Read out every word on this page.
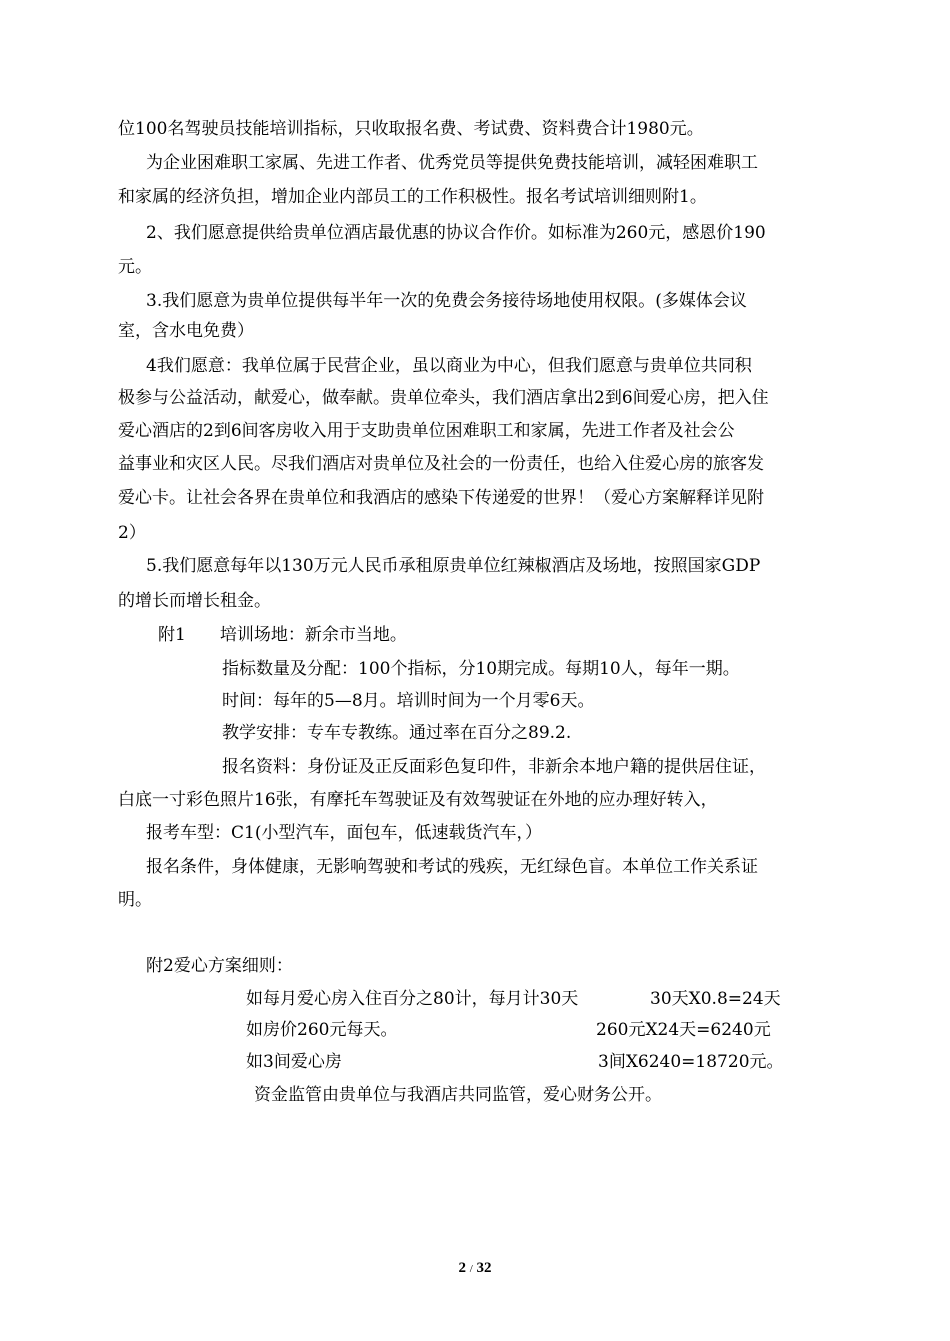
位100名驾驶员技能培训指标，只收取报名费、考试费、资料费合计1980元。
为企业困难职工家属、先进工作者、优秀党员等提供免费技能培训，减轻困难职工
和家属的经济负担，增加企业内部员工的工作积极性。报名考试培训细则附1。
2、我们愿意提供给贵单位酒店最优惠的协议合作价。如标准为260元，感恩价190
元。
3.我们愿意为贵单位提供每半年一次的免费会务接待场地使用权限。(多媒体会议
室，含水电免费）
4我们愿意：我单位属于民营企业，虽以商业为中心，但我们愿意与贵单位共同积
极参与公益活动，献爱心，做奉献。贵单位牵头，我们酒店拿出2到6间爱心房，把入住
爱心酒店的2到6间客房收入用于支助贵单位困难职工和家属，先进工作者及社会公
益事业和灾区人民。尽我们酒店对贵单位及社会的一份责任，也给入住爱心房的旅客发
爱心卡。让社会各界在贵单位和我酒店的感染下传递爱的世界！（爱心方案解释详见附
2）
5.我们愿意每年以130万元人民币承租原贵单位红辣椒酒店及场地，按照国家GDP
的增长而增长租金。
附1　　培训场地：新余市当地。
指标数量及分配：100个指标，分10期完成。每期10人，每年一期。
时间：每年的5—8月。培训时间为一个月零6天。
教学安排：专车专教练。通过率在百分之89.2.
报名资料：身份证及正反面彩色复印件，非新余本地户籍的提供居住证，
白底一寸彩色照片16张，有摩托车驾驶证及有效驾驶证在外地的应办理好转入，
报考车型：C1(小型汽车，面包车，低速载货汽车，）
报名条件，身体健康，无影响驾驶和考试的残疾，无红绿色盲。本单位工作关系证
明。
附2爱心方案细则：
如每月爱心房入住百分之80计，每月计30天	30天X0.8=24天
如房价260元每天。	260元X24天=6240元
如3间爱心房	3间X6240=18720元。
资金监管由贵单位与我酒店共同监管，爱心财务公开。
2 / 32
